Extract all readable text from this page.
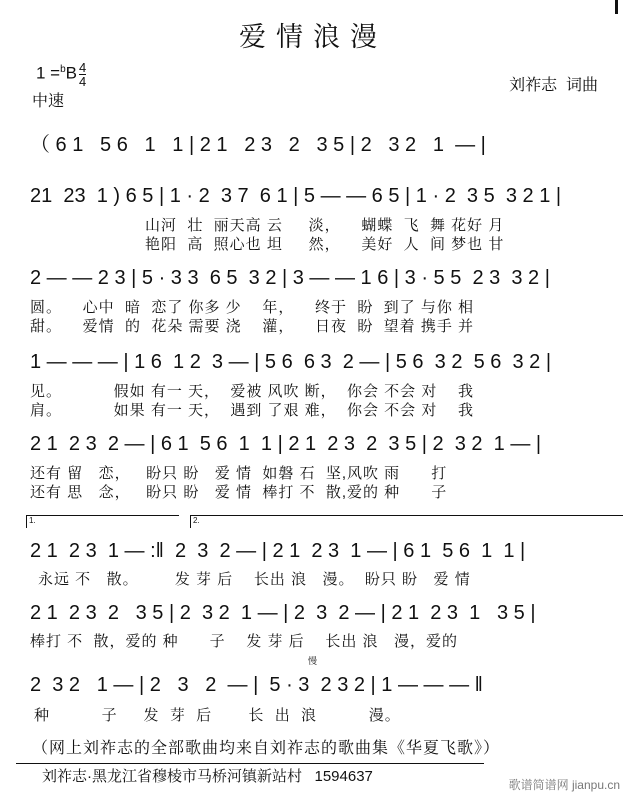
爱情浪漫
$1 =^bB \frac{4}{4}$	刘祚志  词曲
中速
（ 6 1   5 6   1   1 | 2 1   2 3   2   3 5 | 2   3 2   1  — |
21  23  1 ) 6 5 | 1 · 2  3 7  6 1 | 5 — — 6 5 | 1 · 2  3 5  3 2 1 |
山河  壮  丽天高 云     淡，    蝴蝶  飞  舞 花好 月
艳阳  高  照心也 坦     然，    美好  人  间 梦也 甘
2 — — 2 3 | 5 · 3 3  6 5  3 2 | 3 — — 1 6 | 3 · 5 5  2 3  3 2 |
圆。    心中  暗  恋了 你多 少    年，    终于  盼  到了 与你 相
甜。    爱情  的  花朵 需要 浇    灌，    日夜  盼  望着 携手 并
1 — — — | 1 6  1 2  3 — | 5 6  6 3  2 — | 5 6  3 2  5 6  3 2 |
见。          假如 有一 天，  爱被 风吹 断，  你会 不会 对    我
肩。          如果 有一 天，  遇到 了艰 难，  你会 不会 对    我
2 1  2 3  2 — | 6 1  5 6  1  1 | 2 1  2 3  2  3 5 | 2  3 2  1 — |
还有 留   恋，   盼只 盼   爱 情  如磐 石  坚,风吹 雨      打
还有 思   念，   盼只 盼   爱 情  棒打 不  散,爱的 种      子
1.	2.
2 1  2 3  1 — :‖  2  3  2 — | 2 1  2 3  1 — | 6 1  5 6  1  1 |
永远 不   散。       发 芽 后    长出 浪   漫。  盼只 盼   爱 情
2 1  2 3  2   3 5 | 2  3 2  1 — | 2  3  2 — | 2 1  2 3  1   3 5 |
棒打 不  散，爱的 种      子    发 芽 后    长出 浪   漫，爱的
慢
2  3 2   1 — | 2   3   2  — |  5 · 3  2 3 2 | 1 — — — ‖
种          子     发  芽  后       长  出  浪          漫。
（网上刘祚志的全部歌曲均来自刘祚志的歌曲集《华夏飞歌》）
刘祚志·黑龙江省穆棱市马桥河镇新站村   1594637	歌谱简谱网 jianpu.cn
